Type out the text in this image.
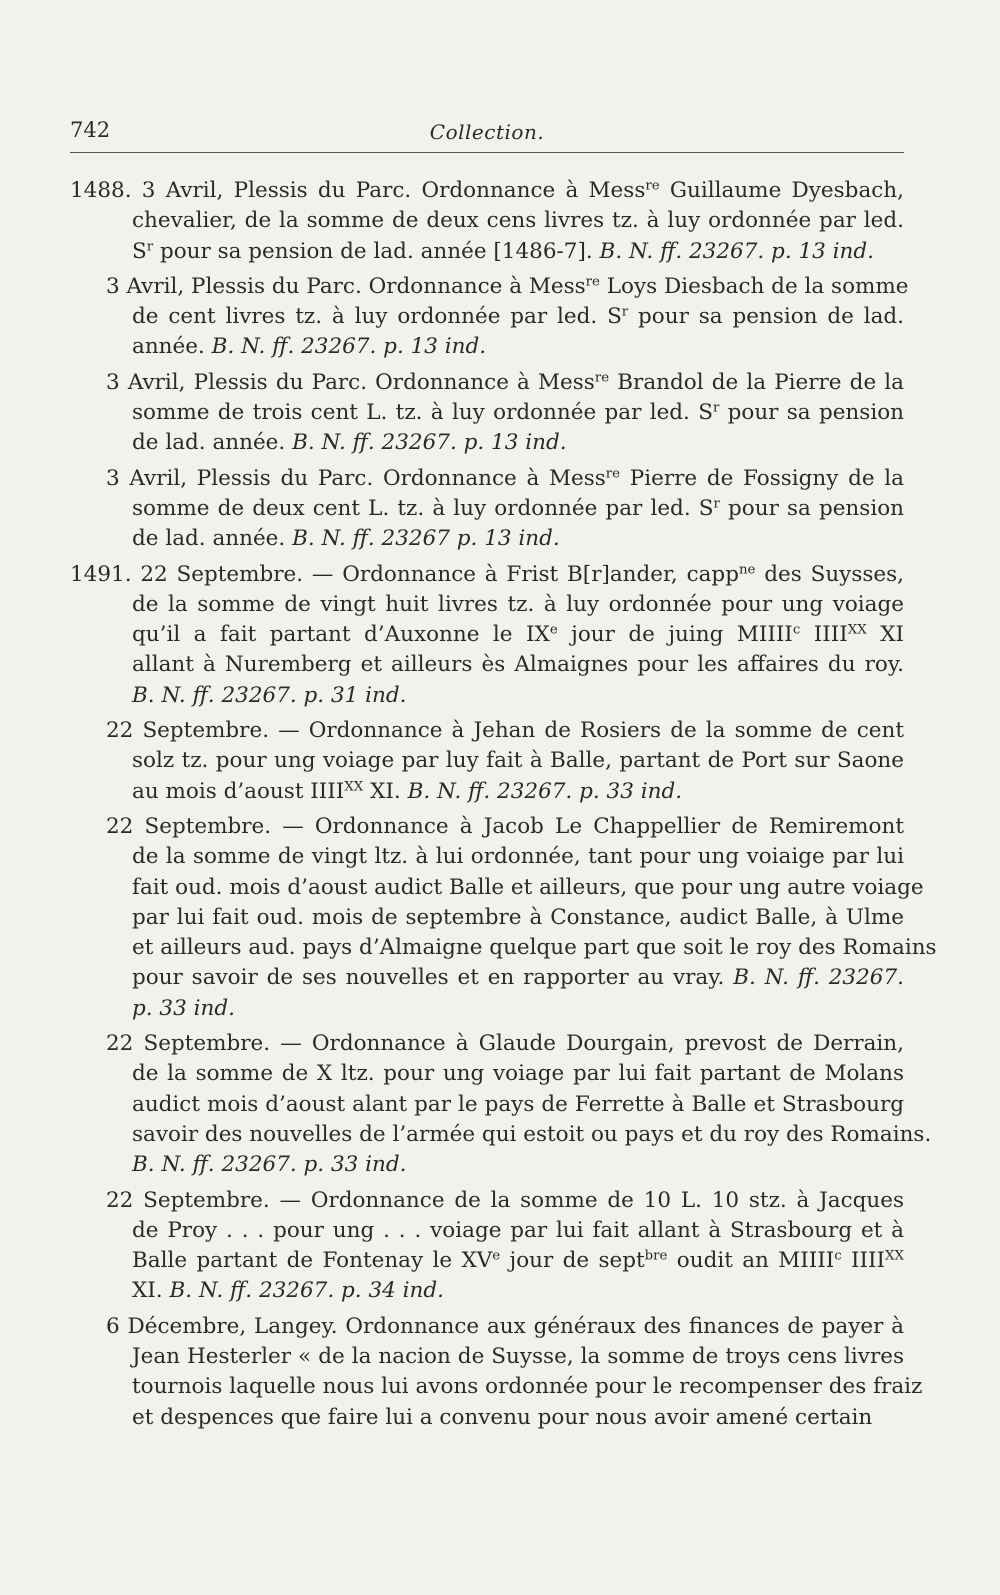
742	Collection.
1488. 3 Avril, Plessis du Parc. Ordonnance à Mess$^{re}$ Guillaume Dyesbach,
chevalier, de la somme de deux cens livres tz. à luy ordonnée par led.
$S^r$ pour sa pension de lad. année [1486-7]. B. N. ff. 23267. p. 13 ind.
3 Avril, Plessis du Parc. Ordonnance à Mess$^{re}$ Loys Diesbach de la somme
de cent livres tz. à luy ordonnée par led. $S^r$ pour sa pension de lad.
année. B. N. ff. 23267. p. 13 ind.
3 Avril, Plessis du Parc. Ordonnance à Mess$^{re}$ Brandol de la Pierre de la
somme de trois cent L. tz. à luy ordonnée par led. $S^r$ pour sa pension
de lad. année. B. N. ff. 23267. p. 13 ind.
3 Avril, Plessis du Parc. Ordonnance à Mess$^{re}$ Pierre de Fossigny de la
somme de deux cent L. tz. à luy ordonnée par led. $S^r$ pour sa pension
de lad. année. B. N. ff. 23267 p. 13 ind.
1491. 22 Septembre. — Ordonnance à Frist B[r]ander, capp$^{ne}$ des Suysses,
de la somme de vingt huit livres tz. à luy ordonnée pour ung voiage
qu’il a fait partant d’Auxonne le IXe jour de juing MIIII$^c$ $IIII^{XX}$ XI
allant à Nuremberg et ailleurs ès Almaignes pour les affaires du roy.
B. N. ff. 23267. p. 31 ind.
22 Septembre. — Ordonnance à Jehan de Rosiers de la somme de cent
solz tz. pour ung voiage par luy fait à Balle, partant de Port sur Saone
au mois d’aoust $IIII^{XX}$ XI. B. N. ff. 23267. p. 33 ind.
22 Septembre. — Ordonnance à Jacob Le Chappellier de Remiremont
de la somme de vingt ltz. à lui ordonnée, tant pour ung voiaige par lui
fait oud. mois d’aoust audict Balle et ailleurs, que pour ung autre voiage
par lui fait oud. mois de septembre à Constance, audict Balle, à Ulme
et ailleurs aud. pays d’Almaigne quelque part que soit le roy des Romains
pour savoir de ses nouvelles et en rapporter au vray. B. N. ff. 23267.
p. 33 ind.
22 Septembre. — Ordonnance à Glaude Dourgain, prevost de Derrain,
de la somme de X ltz. pour ung voiage par lui fait partant de Molans
audict mois d’aoust alant par le pays de Ferrette à Balle et Strasbourg
savoir des nouvelles de l’armée qui estoit ou pays et du roy des Romains.
B. N. ff. 23267. p. 33 ind.
22 Septembre. — Ordonnance de la somme de 10 L. 10 stz. à Jacques
de Proy . . . pour ung . . . voiage par lui fait allant à Strasbourg et à
Balle partant de Fontenay le XVe jour de sept$^{bre}$ oudit an MIIII$^c$ $IIII^{XX}$
XI. B. N. ff. 23267. p. 34 ind.
6 Décembre, Langey. Ordonnance aux généraux des finances de payer à
Jean Hesterler « de la nacion de Suysse, la somme de troys cens livres
tournois laquelle nous lui avons ordonnée pour le recompenser des fraiz
et despences que faire lui a convenu pour nous avoir amené certain
